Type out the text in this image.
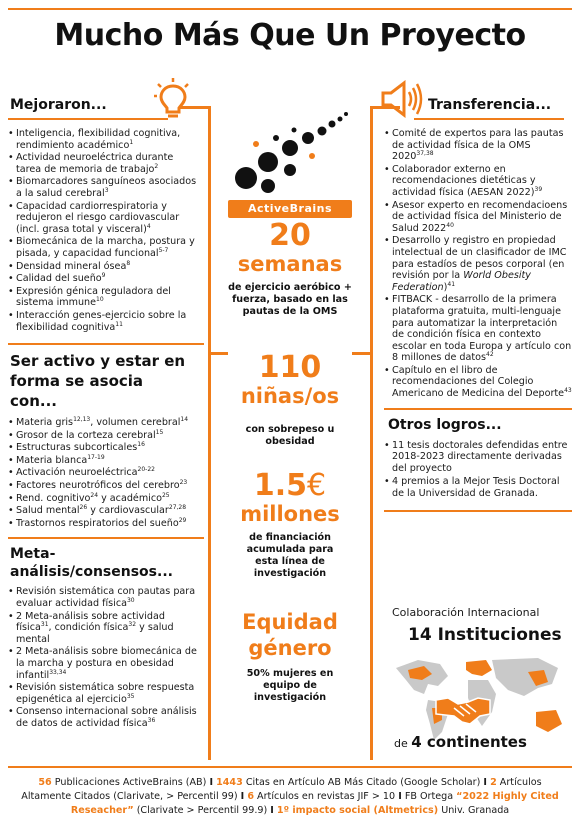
Mucho Más Que Un Proyecto
ActiveBrains
20
semanas
de ejercicio aeróbico + fuerza, basado en las pautas de la OMS
110
niñas/os
con sobrepeso u obesidad
1.5€
millones
de financiación acumulada para esta línea de investigación
Equidad
género
50% mujeres en equipo de investigación
Mejoraron...
• Inteligencia, flexibilidad cognitiva, rendimiento académico$^1$
• Actividad neuroeléctrica durante tarea de memoria de trabajo$^2$
• Biomarcadores sanguíneos asociados a la salud cerebral$^3$
• Capacidad cardiorrespiratoria y redujeron el riesgo cardiovascular (incl. grasa total y visceral)$^4$
• Biomecánica de la marcha, postura y pisada, y capacidad funcional$^{5-7}$
• Densidad mineral ósea$^8$
• Calidad del sueño$^9$
• Expresión génica reguladora del sistema immune$^{10}$
• Interacción genes-ejercicio sobre la flexibilidad cognitiva$^{11}$
Ser activo y estar en forma se asocia con...
• Materia gris$^{12,13}$, volumen cerebral$^{14}$
• Grosor de la corteza cerebral$^{15}$
• Estructuras subcorticales$^{16}$
• Materia blanca$^{17-19}$
• Activación neuroeléctrica$^{20-22}$
• Factores neurotróficos del cerebro$^{23}$
• Rend. cognitivo$^{24}$ y académico$^{25}$
• Salud mental$^{26}$ y cardiovascular$^{27,28}$
• Trastornos respiratorios del sueño$^{29}$
Meta-análisis/consensos...
• Revisión sistemática con pautas para evaluar actividad física$^{30}$
• 2 Meta-análisis sobre actividad física$^{31}$, condición física$^{32}$ y salud mental
• 2 Meta-análisis sobre biomecánica de la marcha y postura en obesidad infantil$^{33,34}$
• Revisión sistemática sobre respuesta epigenética al ejercicio$^{35}$
• Consenso internacional sobre análisis de datos de actividad física$^{36}$
Transferencia...
• Comité de expertos para las pautas de actividad física de la OMS 2020$^{37,38}$
• Colaborador externo en recomendaciones dietéticas y actividad física (AESAN 2022)$^{39}$
• Asesor experto en recomendacioens de actividad física del Ministerio de Salud 2022$^{40}$
• Desarrollo y registro en propiedad intelectual de un clasificador de IMC para estadíos de pesos corporal (en revisión por la World Obesity Federation)$^{41}$
• FITBACK - desarrollo de la primera plataforma gratuita, multi-lenguaje para automatizar la interpretación de condición física en contexto escolar en toda Europa y artículo con 8 millones de datos$^{42}$
• Capítulo en el libro de recomendaciones del Colegio Americano de Medicina del Deporte$^{43}$
Otros logros...
• 11 tesis doctorales defendidas entre 2018-2023 directamente derivadas del proyecto
• 4 premios a la Mejor Tesis Doctoral de la Universidad de Granada.
Colaboración Internacional
14 Instituciones
de 4 continentes
56 Publicaciones ActiveBrains (AB) I 1443 Citas en Artículo AB Más Citado (Google Scholar) I 2 Artículos Altamente Citados (Clarivate, > Percentil 99) I 6 Artículos en revistas JIF > 10 I FB Ortega “2022 Highly Cited Reseacher” (Clarivate > Percentil 99.9) I 1º impacto social (Altmetrics) Univ. Granada
